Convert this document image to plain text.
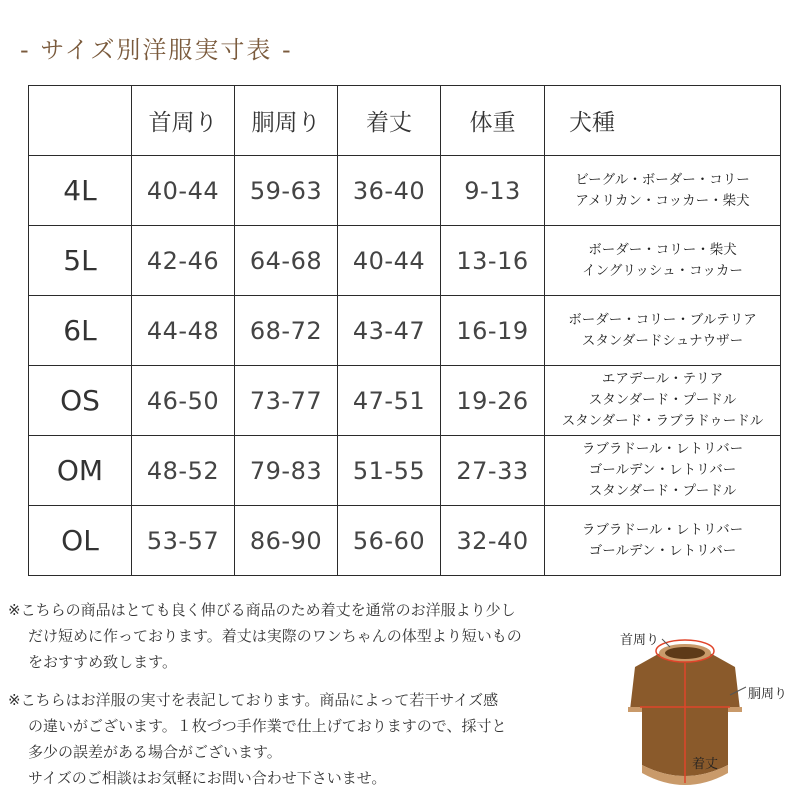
- サイズ別洋服実寸表 -
	首周り	胴周り	着丈	体重	犬種
4L	40-44	59-63	36-40	9-13	ビーグル・ボーダー・コリー
アメリカン・コッカー・柴犬

5L	42-46	64-68	40-44	13-16	ボーダー・コリー・柴犬
イングリッシュ・コッカー

6L	44-48	68-72	43-47	16-19	ボーダー・コリー・ブルテリア
スタンダードシュナウザー

OS	46-50	73-77	47-51	19-26	エアデール・テリア
スタンダード・プードル
スタンダード・ラブラドゥードル

OM	48-52	79-83	51-55	27-33	ラブラドール・レトリバー
ゴールデン・レトリバー
スタンダード・プードル

OL	53-57	86-90	56-60	32-40	ラブラドール・レトリバー
ゴールデン・レトリバー

※こちらの商品はとても良く伸びる商品のため着丈を通常のお洋服より少し
だけ短めに作っております。着丈は実際のワンちゃんの体型より短いもの
をおすすめ致します。

※こちらはお洋服の実寸を表記しております。商品によって若干サイズ感
の違いがございます。１枚づつ手作業で仕上げておりますので、採寸と
多少の誤差がある場合がございます。
サイズのご相談はお気軽にお問い合わせ下さいませ。

首周り
胴周り
着丈
